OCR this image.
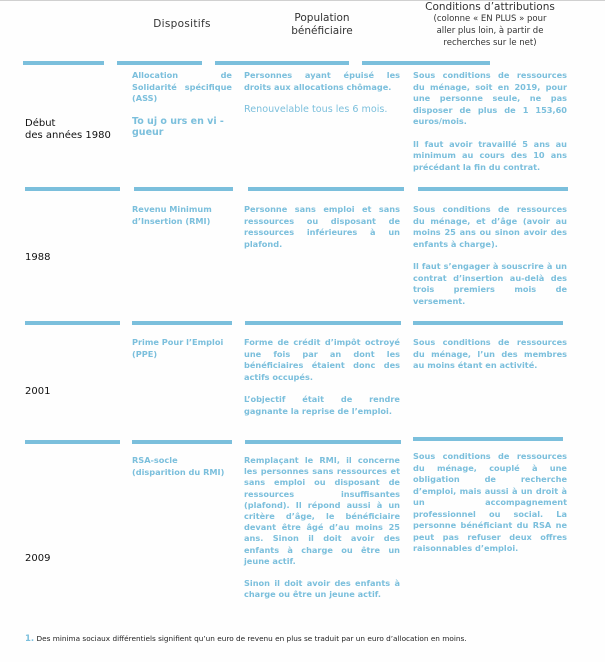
Dispositifs	Population
bénéficiaire
Conditions d’attributions
(colonne « EN PLUS » pour
aller plus loin, à partir de
recherches sur le net)
Début
des années 1980

Allocation de Solidarité spécifique (ASS)

To uj o urs en vi - gueur

Personnes ayant épuisé les droits aux allocations chômage.

Renouvelable tous les 6 mois.

Sous conditions de ressources du ménage, soit en 2019, pour une personne seule, ne pas disposer de plus de 1 153,60 euros/mois.

Il faut avoir travaillé 5 ans au minimum au cours des 10 ans précédant la fin du contrat.

1988

Revenu Minimum d’Insertion (RMI)

Personne sans emploi et sans ressources ou disposant de ressources inférieures à un plafond.

Sous conditions de ressources du ménage, et d’âge (avoir au moins 25 ans ou sinon avoir des enfants à charge).

Il faut s’engager à souscrire à un contrat d’insertion au-delà des trois premiers mois de versement.

2001

Prime Pour l’Emploi (PPE)

Forme de crédit d’impôt octroyé une fois par an dont les bénéficiaires étaient donc des actifs occupés.

L’objectif était de rendre gagnante la reprise de l’emploi.

Sous conditions de ressources du ménage, l’un des membres au moins étant en activité.

2009

RSA-socle (disparition du RMI)

Remplaçant le RMI, il concerne les personnes sans ressources et sans emploi ou disposant de ressources insuffisantes (plafond). Il répond aussi à un critère d’âge, le bénéficiaire devant être âgé d’au moins 25 ans. Sinon il doit avoir des enfants à charge ou être un jeune actif.

Sinon il doit avoir des enfants à charge ou être un jeune actif.

Sous conditions de ressources du ménage, couplé à une obligation de recherche d’emploi, mais aussi à un droit à un accompagnement professionnel ou social. La personne bénéficiant du RSA ne peut pas refuser deux offres raisonnables d’emploi.

1. Des minima sociaux différentiels signifient qu’un euro de revenu en plus se traduit par un euro d’allocation en moins.
